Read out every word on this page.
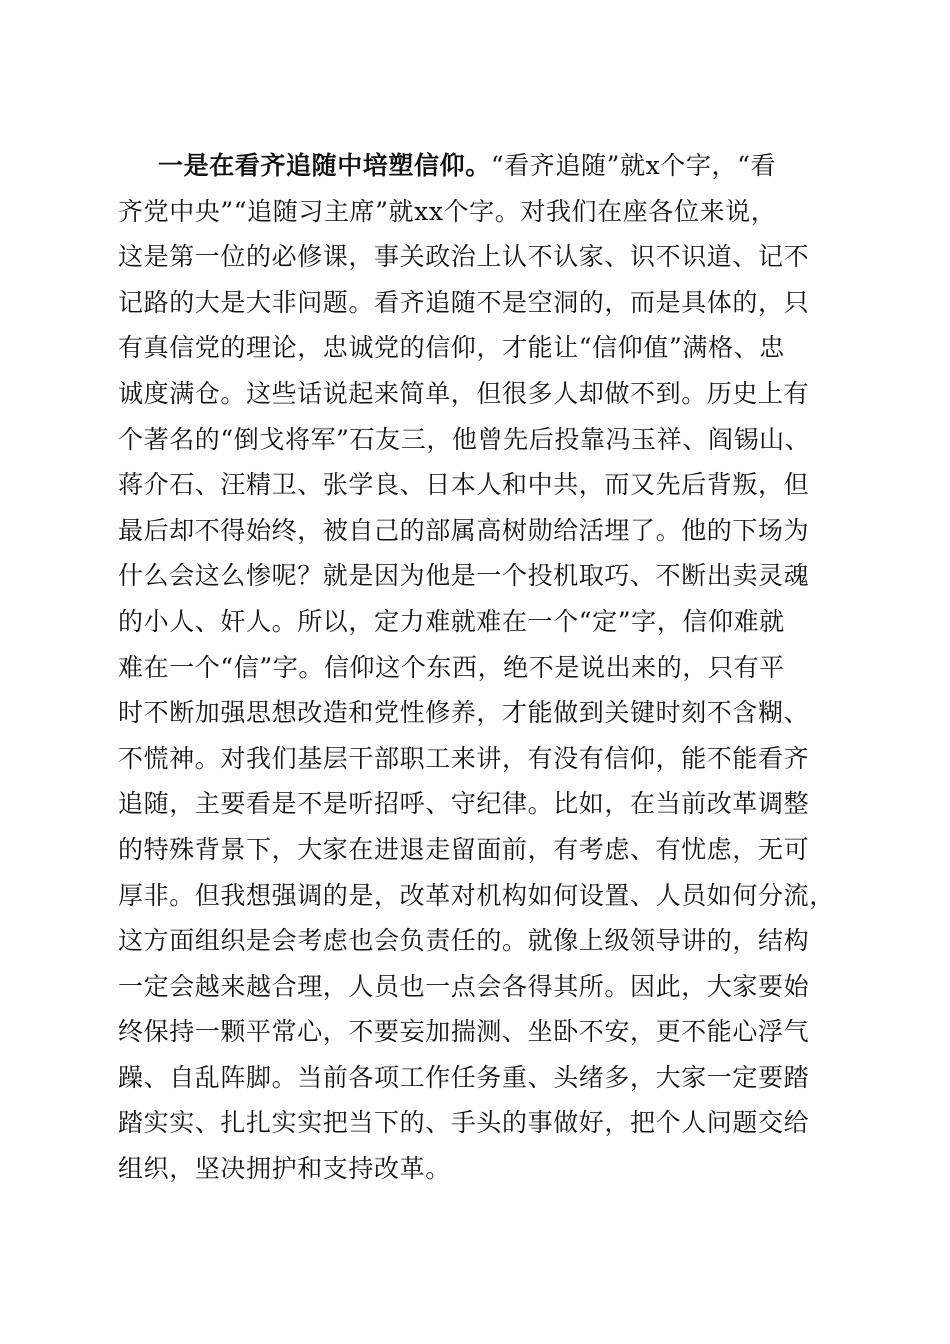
一是在看齐追随中培塑信仰。“看齐追随”就x个字，“看
齐党中央”“追随习主席”就xx个字。对我们在座各位来说，
这是第一位的必修课，事关政治上认不认家、识不识道、记不
记路的大是大非问题。看齐追随不是空洞的，而是具体的，只
有真信党的理论，忠诚党的信仰，才能让“信仰值”满格、忠
诚度满仓。这些话说起来简单，但很多人却做不到。历史上有
个著名的“倒戈将军”石友三，他曾先后投靠冯玉祥、阎锡山、
蒋介石、汪精卫、张学良、日本人和中共，而又先后背叛，但
最后却不得始终，被自己的部属高树勋给活埋了。他的下场为
什么会这么惨呢？就是因为他是一个投机取巧、不断出卖灵魂
的小人、奸人。所以，定力难就难在一个“定”字，信仰难就
难在一个“信”字。信仰这个东西，绝不是说出来的，只有平
时不断加强思想改造和党性修养，才能做到关键时刻不含糊、
不慌神。对我们基层干部职工来讲，有没有信仰，能不能看齐
追随，主要看是不是听招呼、守纪律。比如，在当前改革调整
的特殊背景下，大家在进退走留面前，有考虑、有忧虑，无可
厚非。但我想强调的是，改革对机构如何设置、人员如何分流，
这方面组织是会考虑也会负责任的。就像上级领导讲的，结构
一定会越来越合理，人员也一点会各得其所。因此，大家要始
终保持一颗平常心，不要妄加揣测、坐卧不安，更不能心浮气
躁、自乱阵脚。当前各项工作任务重、头绪多，大家一定要踏
踏实实、扎扎实实把当下的、手头的事做好，把个人问题交给
组织，坚决拥护和支持改革。
